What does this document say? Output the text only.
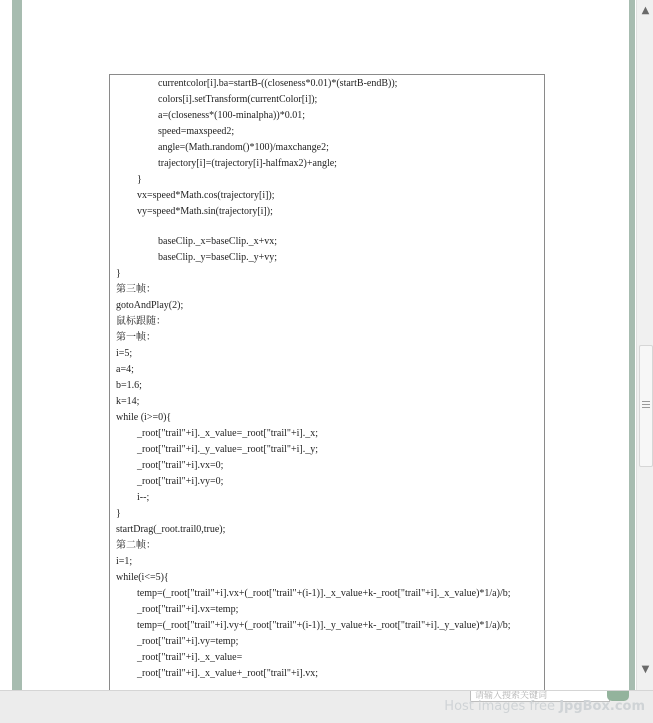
▲
▼
currentcolor[i].ba=startB-((closeness*0.01)*(startB-endB));
colors[i].setTransform(currentColor[i]);
a=(closeness*(100-minalpha))*0.01;
speed=maxspeed2;
angle=(Math.random()*100)/maxchange2;
trajectory[i]=(trajectory[i]-halfmax2)+angle;
}
vx=speed*Math.cos(trajectory[i]);
vy=speed*Math.sin(trajectory[i]);
baseClip._x=baseClip._x+vx;
baseClip._y=baseClip._y+vy;
}
第三帧：
gotoAndPlay(2);
鼠标跟随：
第一帧：
i=5;
a=4;
b=1.6;
k=14;
while (i>=0){
_root["trail"+i]._x_value=_root["trail"+i]._x;
_root["trail"+i]._y_value=_root["trail"+i]._y;
_root["trail"+i].vx=0;
_root["trail"+i].vy=0;
i--;
}
startDrag(_root.trail0,true);
第二帧：
i=1;
while(i<=5){
temp=(_root["trail"+i].vx+(_root["trail"+(i-1)]._x_value+k-_root["trail"+i]._x_value)*1/a)/b;
_root["trail"+i].vx=temp;
temp=(_root["trail"+i].vy+(_root["trail"+(i-1)]._y_value+k-_root["trail"+i]._y_value)*1/a)/b;
_root["trail"+i].vy=temp;
_root["trail"+i]._x_value=
_root["trail"+i]._x_value+_root["trail"+i].vx;
请输入搜索关键词
Host images free JpgBox.com
